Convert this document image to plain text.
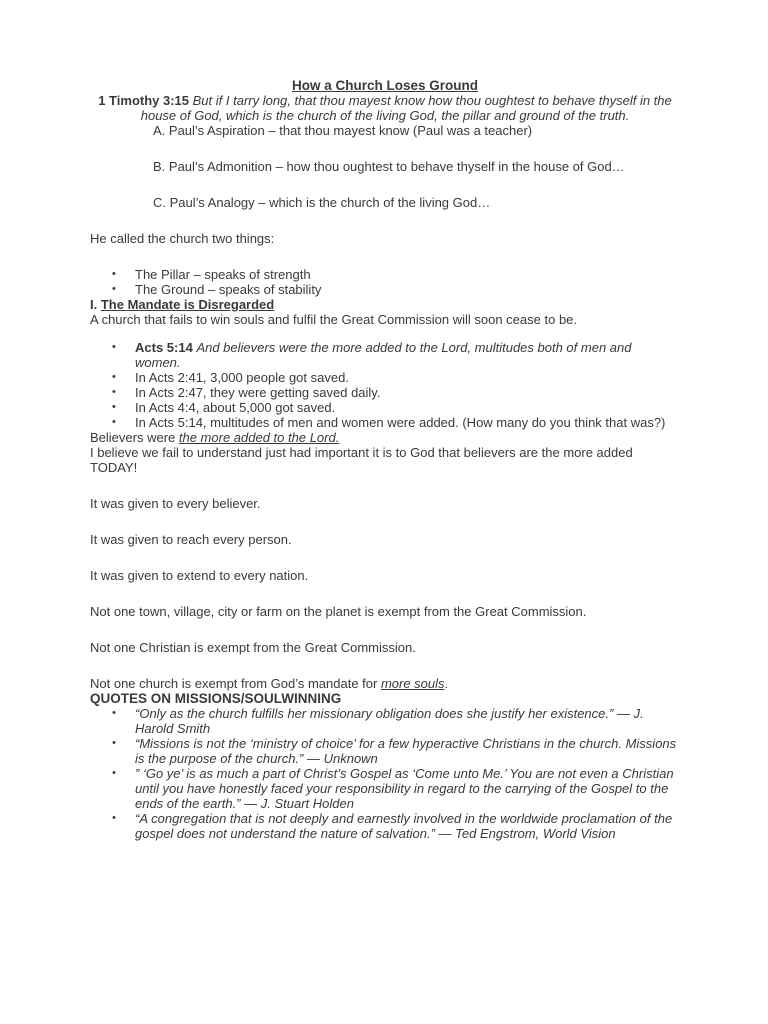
How a Church Loses Ground

1 Timothy 3:15 But if I tarry long, that thou mayest know how thou oughtest to behave thyself in the house of God, which is the church of the living God, the pillar and ground of the truth.

A. Paul’s Aspiration – that thou mayest know (Paul was a teacher)

B. Paul’s Admonition – how thou oughtest to behave thyself in the house of God…

C. Paul’s Analogy – which is the church of the living God…

He called the church two things:

• The Pillar – speaks of strength
• The Ground – speaks of stability

I. The Mandate is Disregarded

A church that fails to win souls and fulfil the Great Commission will soon cease to be.

• Acts 5:14 And believers were the more added to the Lord, multitudes both of men and women.
• In Acts 2:41, 3,000 people got saved.
• In Acts 2:47, they were getting saved daily.
• In Acts 4:4, about 5,000 got saved.
• In Acts 5:14, multitudes of men and women were added. (How many do you think that was?)

Believers were the more added to the Lord.

I believe we fail to understand just had important it is to God that believers are the more added TODAY!

It was given to every believer.

It was given to reach every person.

It was given to extend to every nation.

Not one town, village, city or farm on the planet is exempt from the Great Commission.

Not one Christian is exempt from the Great Commission.

Not one church is exempt from God’s mandate for more souls.

QUOTES ON MISSIONS/SOULWINNING

• “Only as the church fulfills her missionary obligation does she justify her existence.” — J. Harold Smith
• “Missions is not the ‘ministry of choice’ for a few hyperactive Christians in the church. Missions is the purpose of the church.” — Unknown
• ” ‘Go ye’ is as much a part of Christ’s Gospel as ‘Come unto Me.’ You are not even a Christian until you have honestly faced your responsibility in regard to the carrying of the Gospel to the ends of the earth.” — J. Stuart Holden
• “A congregation that is not deeply and earnestly involved in the worldwide proclamation of the gospel does not understand the nature of salvation.” — Ted Engstrom, World Vision
